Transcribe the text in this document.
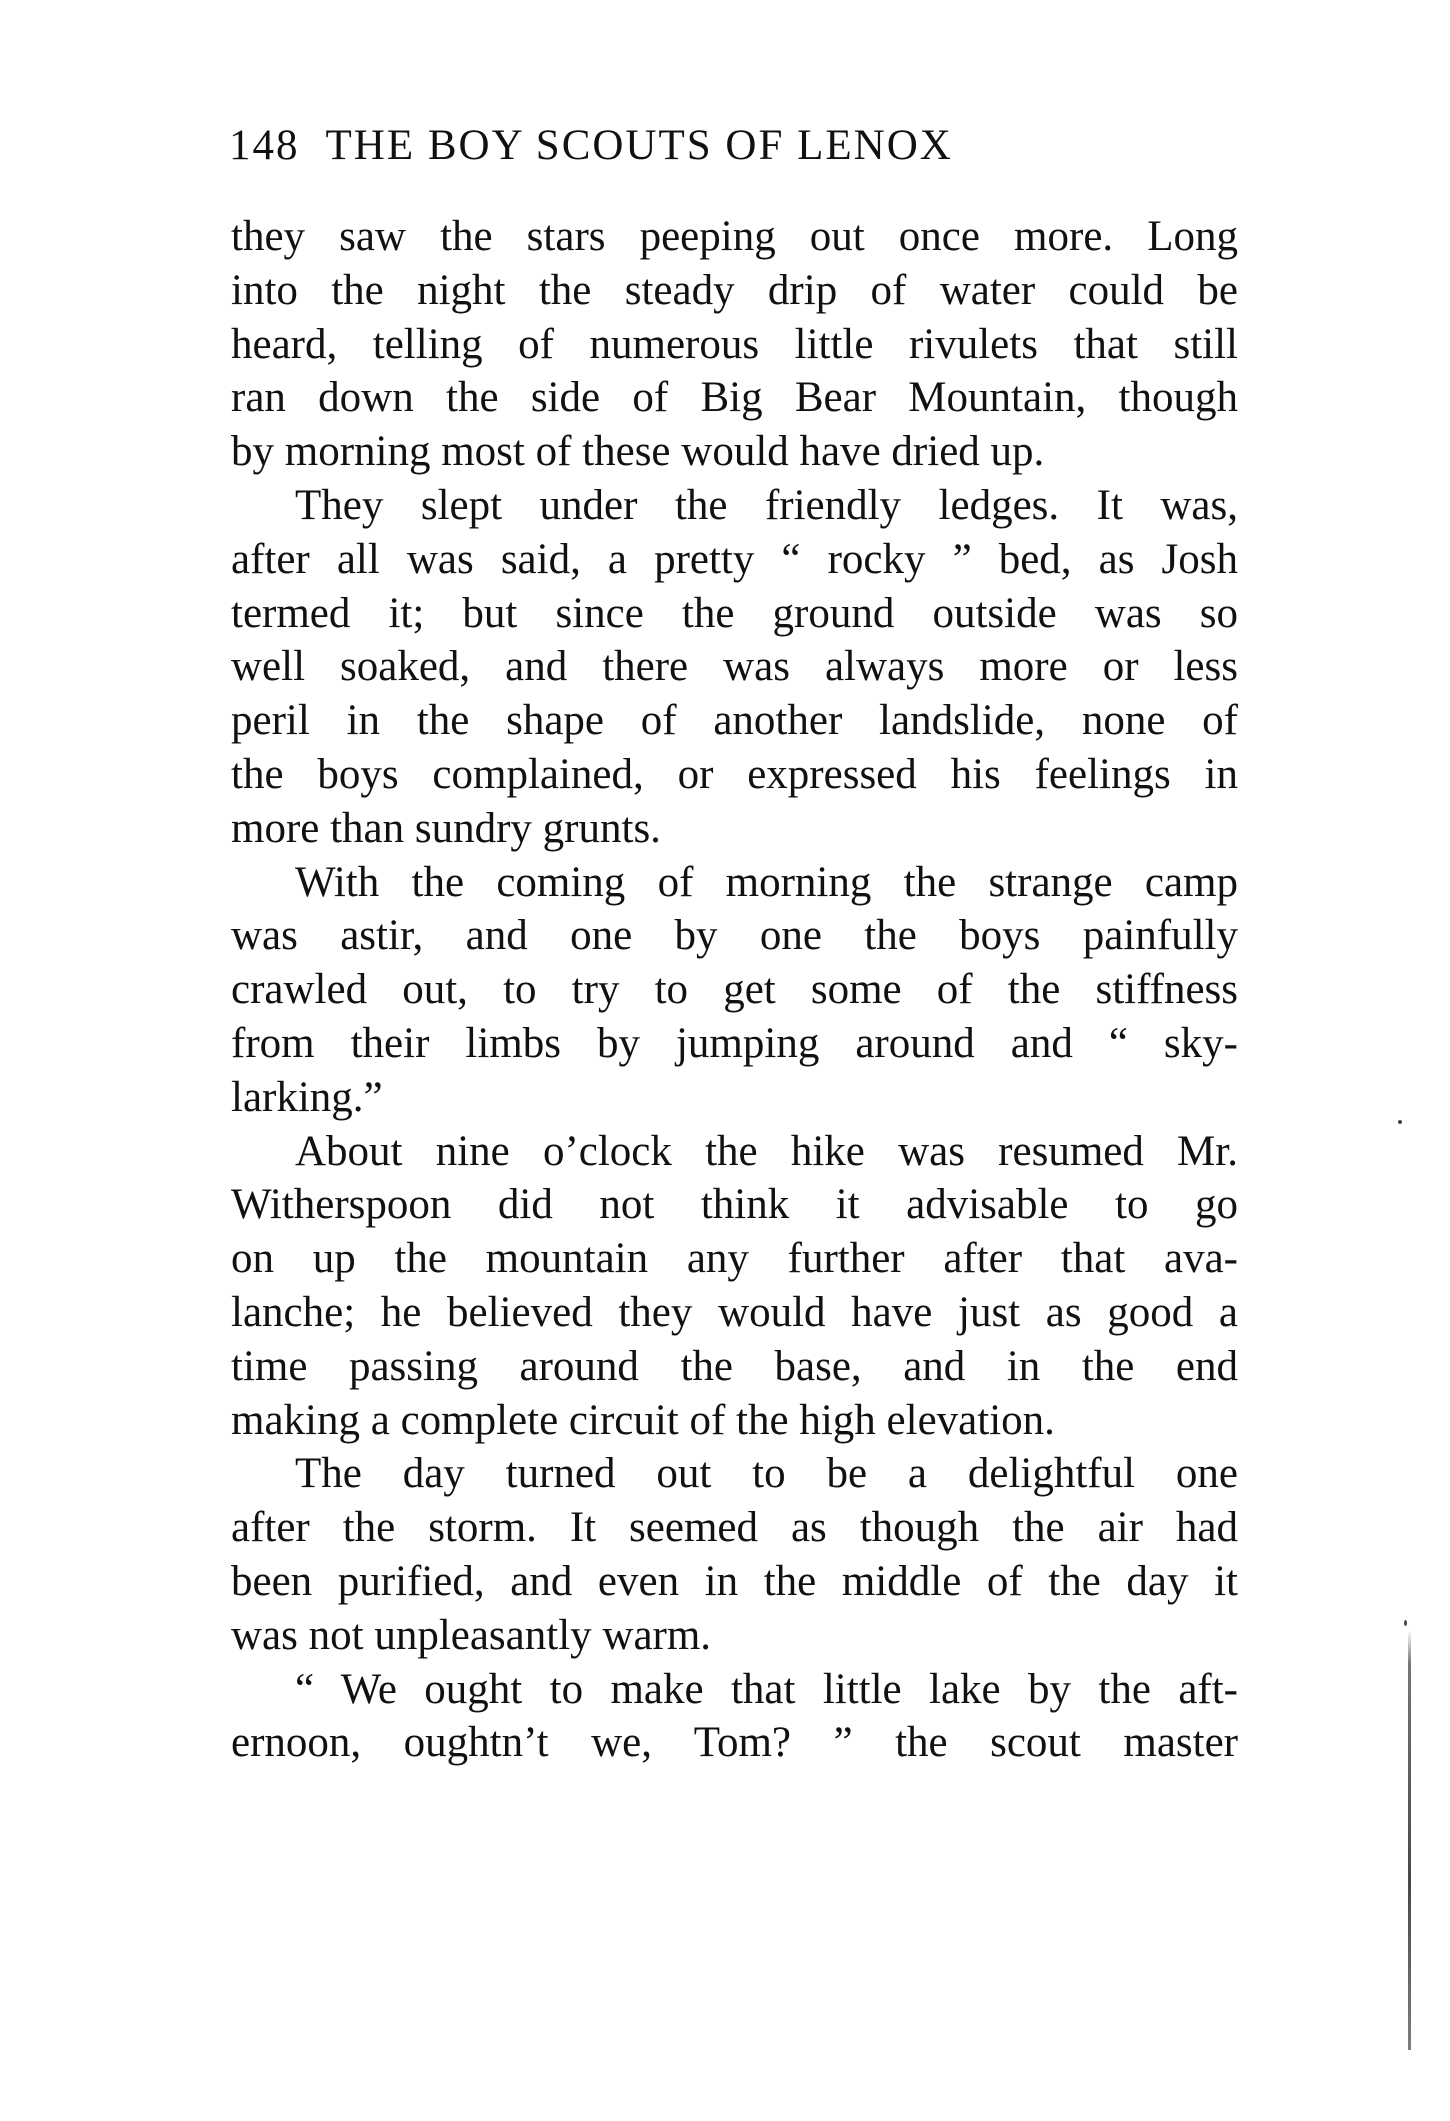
148 THE BOY SCOUTS OF LENOX
they saw the stars peeping out once more. Long
into the night the steady drip of water could be
heard, telling of numerous little rivulets that still
ran down the side of Big Bear Mountain, though
by morning most of these would have dried up.
They slept under the friendly ledges. It was,
after all was said, a pretty “ rocky ” bed, as Josh
termed it; but since the ground outside was so
well soaked, and there was always more or less
peril in the shape of another landslide, none of
the boys complained, or expressed his feelings in
more than sundry grunts.
With the coming of morning the strange camp
was astir, and one by one the boys painfully
crawled out, to try to get some of the stiffness
from their limbs by jumping around and “ sky-
larking.”
About nine o’clock the hike was resumed Mr.
Witherspoon did not think it advisable to go
on up the mountain any further after that ava-
lanche; he believed they would have just as good a
time passing around the base, and in the end
making a complete circuit of the high elevation.
The day turned out to be a delightful one
after the storm. It seemed as though the air had
been purified, and even in the middle of the day it
was not unpleasantly warm.
“ We ought to make that little lake by the aft-
ernoon, oughtn’t we, Tom? ” the scout master
